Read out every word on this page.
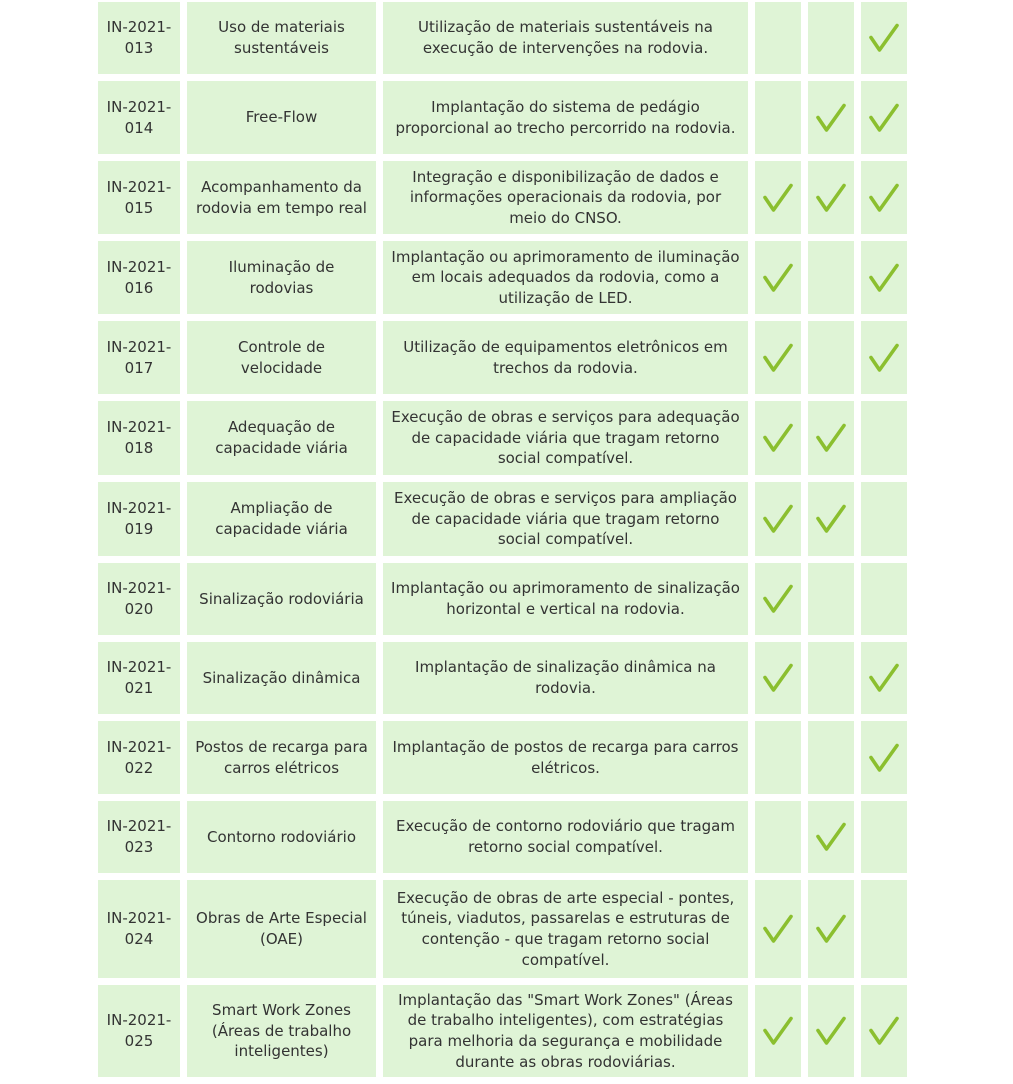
IN-2021-
013
Uso de materiais sustentáveis
Utilização de materiais sustentáveis na execução de intervenções na rodovia.
IN-2021-
014
Free-Flow
Implantação do sistema de pedágio proporcional ao trecho percorrido na rodovia.
IN-2021-
015
Acompanhamento da rodovia em tempo real
Integração e disponibilização de dados e informações operacionais da rodovia, por meio do CNSO.
IN-2021-
016
Iluminação de rodovias
Implantação ou aprimoramento de iluminação em locais adequados da rodovia, como a utilização de LED.
IN-2021-
017
Controle de velocidade
Utilização de equipamentos eletrônicos em trechos da rodovia.
IN-2021-
018
Adequação de capacidade viária
Execução de obras e serviços para adequação de capacidade viária que tragam retorno social compatível.
IN-2021-
019
Ampliação de capacidade viária
Execução de obras e serviços para ampliação de capacidade viária que tragam retorno social compatível.
IN-2021-
020
Sinalização rodoviária
Implantação ou aprimoramento de sinalização horizontal e vertical na rodovia.
IN-2021-
021
Sinalização dinâmica
Implantação de sinalização dinâmica na rodovia.
IN-2021-
022
Postos de recarga para carros elétricos
Implantação de postos de recarga para carros elétricos.
IN-2021-
023
Contorno rodoviário
Execução de contorno rodoviário que tragam retorno social compatível.
IN-2021-
024
Obras de Arte Especial (OAE)
Execução de obras de arte especial - pontes, túneis, viadutos, passarelas e estruturas de contenção - que tragam retorno social compatível.
IN-2021-
025
Smart Work Zones (Áreas de trabalho inteligentes)
Implantação das "Smart Work Zones" (Áreas de trabalho inteligentes), com estratégias para melhoria da segurança e mobilidade durante as obras rodoviárias.
